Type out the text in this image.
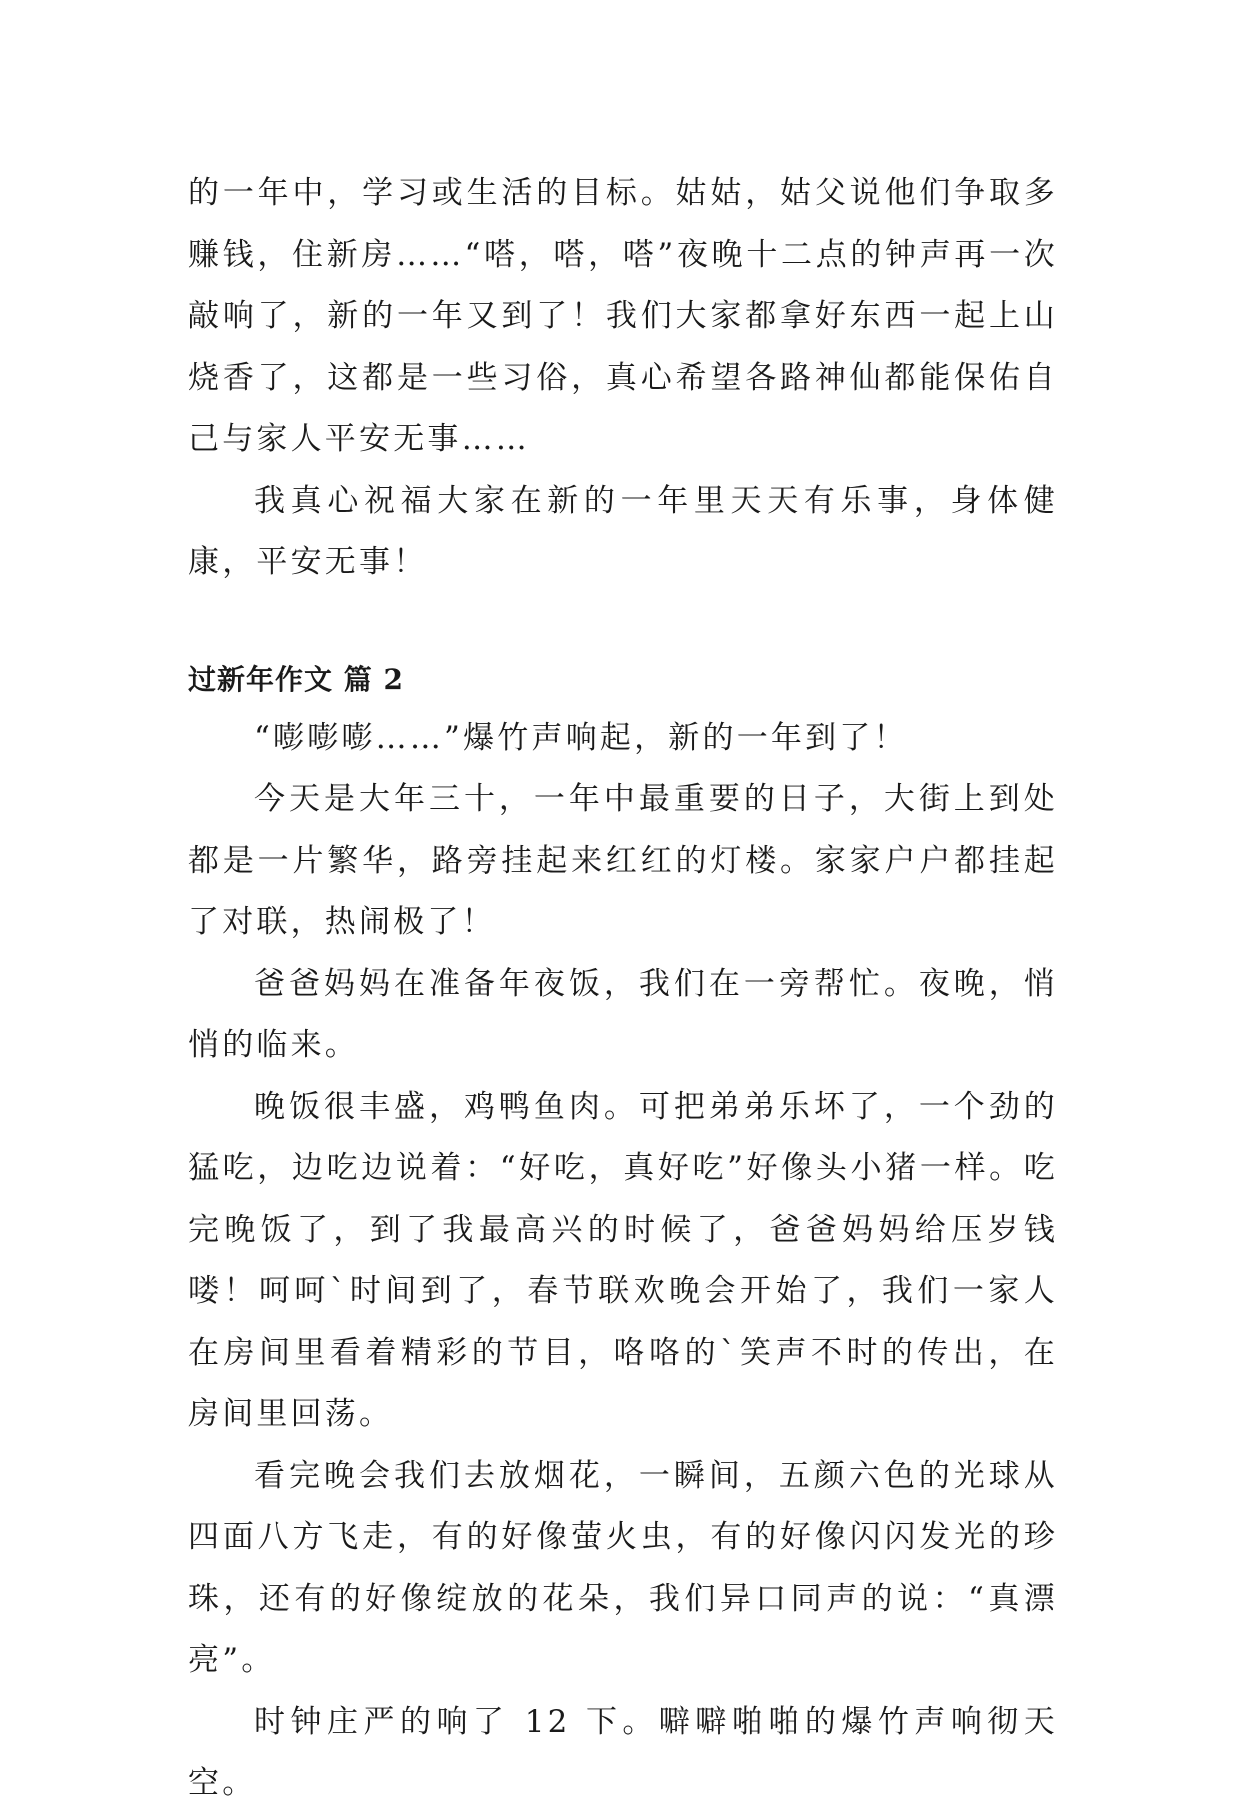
的一年中，学习或生活的目标。姑姑，姑父说他们争取多赚钱，住新房……“嗒，嗒，嗒”夜晚十二点的钟声再一次敲响了，新的一年又到了！我们大家都拿好东西一起上山烧香了，这都是一些习俗，真心希望各路神仙都能保佑自己与家人平安无事……

我真心祝福大家在新的一年里天天有乐事，身体健康，平安无事！

过新年作文 篇 2

“嘭嘭嘭……”爆竹声响起，新的一年到了！

今天是大年三十，一年中最重要的日子，大街上到处都是一片繁华，路旁挂起来红红的灯楼。家家户户都挂起了对联，热闹极了！

爸爸妈妈在准备年夜饭，我们在一旁帮忙。夜晚，悄悄的临来。

晚饭很丰盛，鸡鸭鱼肉。可把弟弟乐坏了，一个劲的猛吃，边吃边说着：“好吃，真好吃”好像头小猪一样。吃完晚饭了，到了我最高兴的时候了，爸爸妈妈给压岁钱喽！呵呵`时间到了，春节联欢晚会开始了，我们一家人在房间里看着精彩的节目，咯咯的`笑声不时的传出，在房间里回荡。

看完晚会我们去放烟花，一瞬间，五颜六色的光球从四面八方飞走，有的好像萤火虫，有的好像闪闪发光的珍珠，还有的好像绽放的花朵，我们异口同声的说：“真漂亮”。

时钟庄严的响了 12 下。噼噼啪啪的爆竹声响彻天空。
